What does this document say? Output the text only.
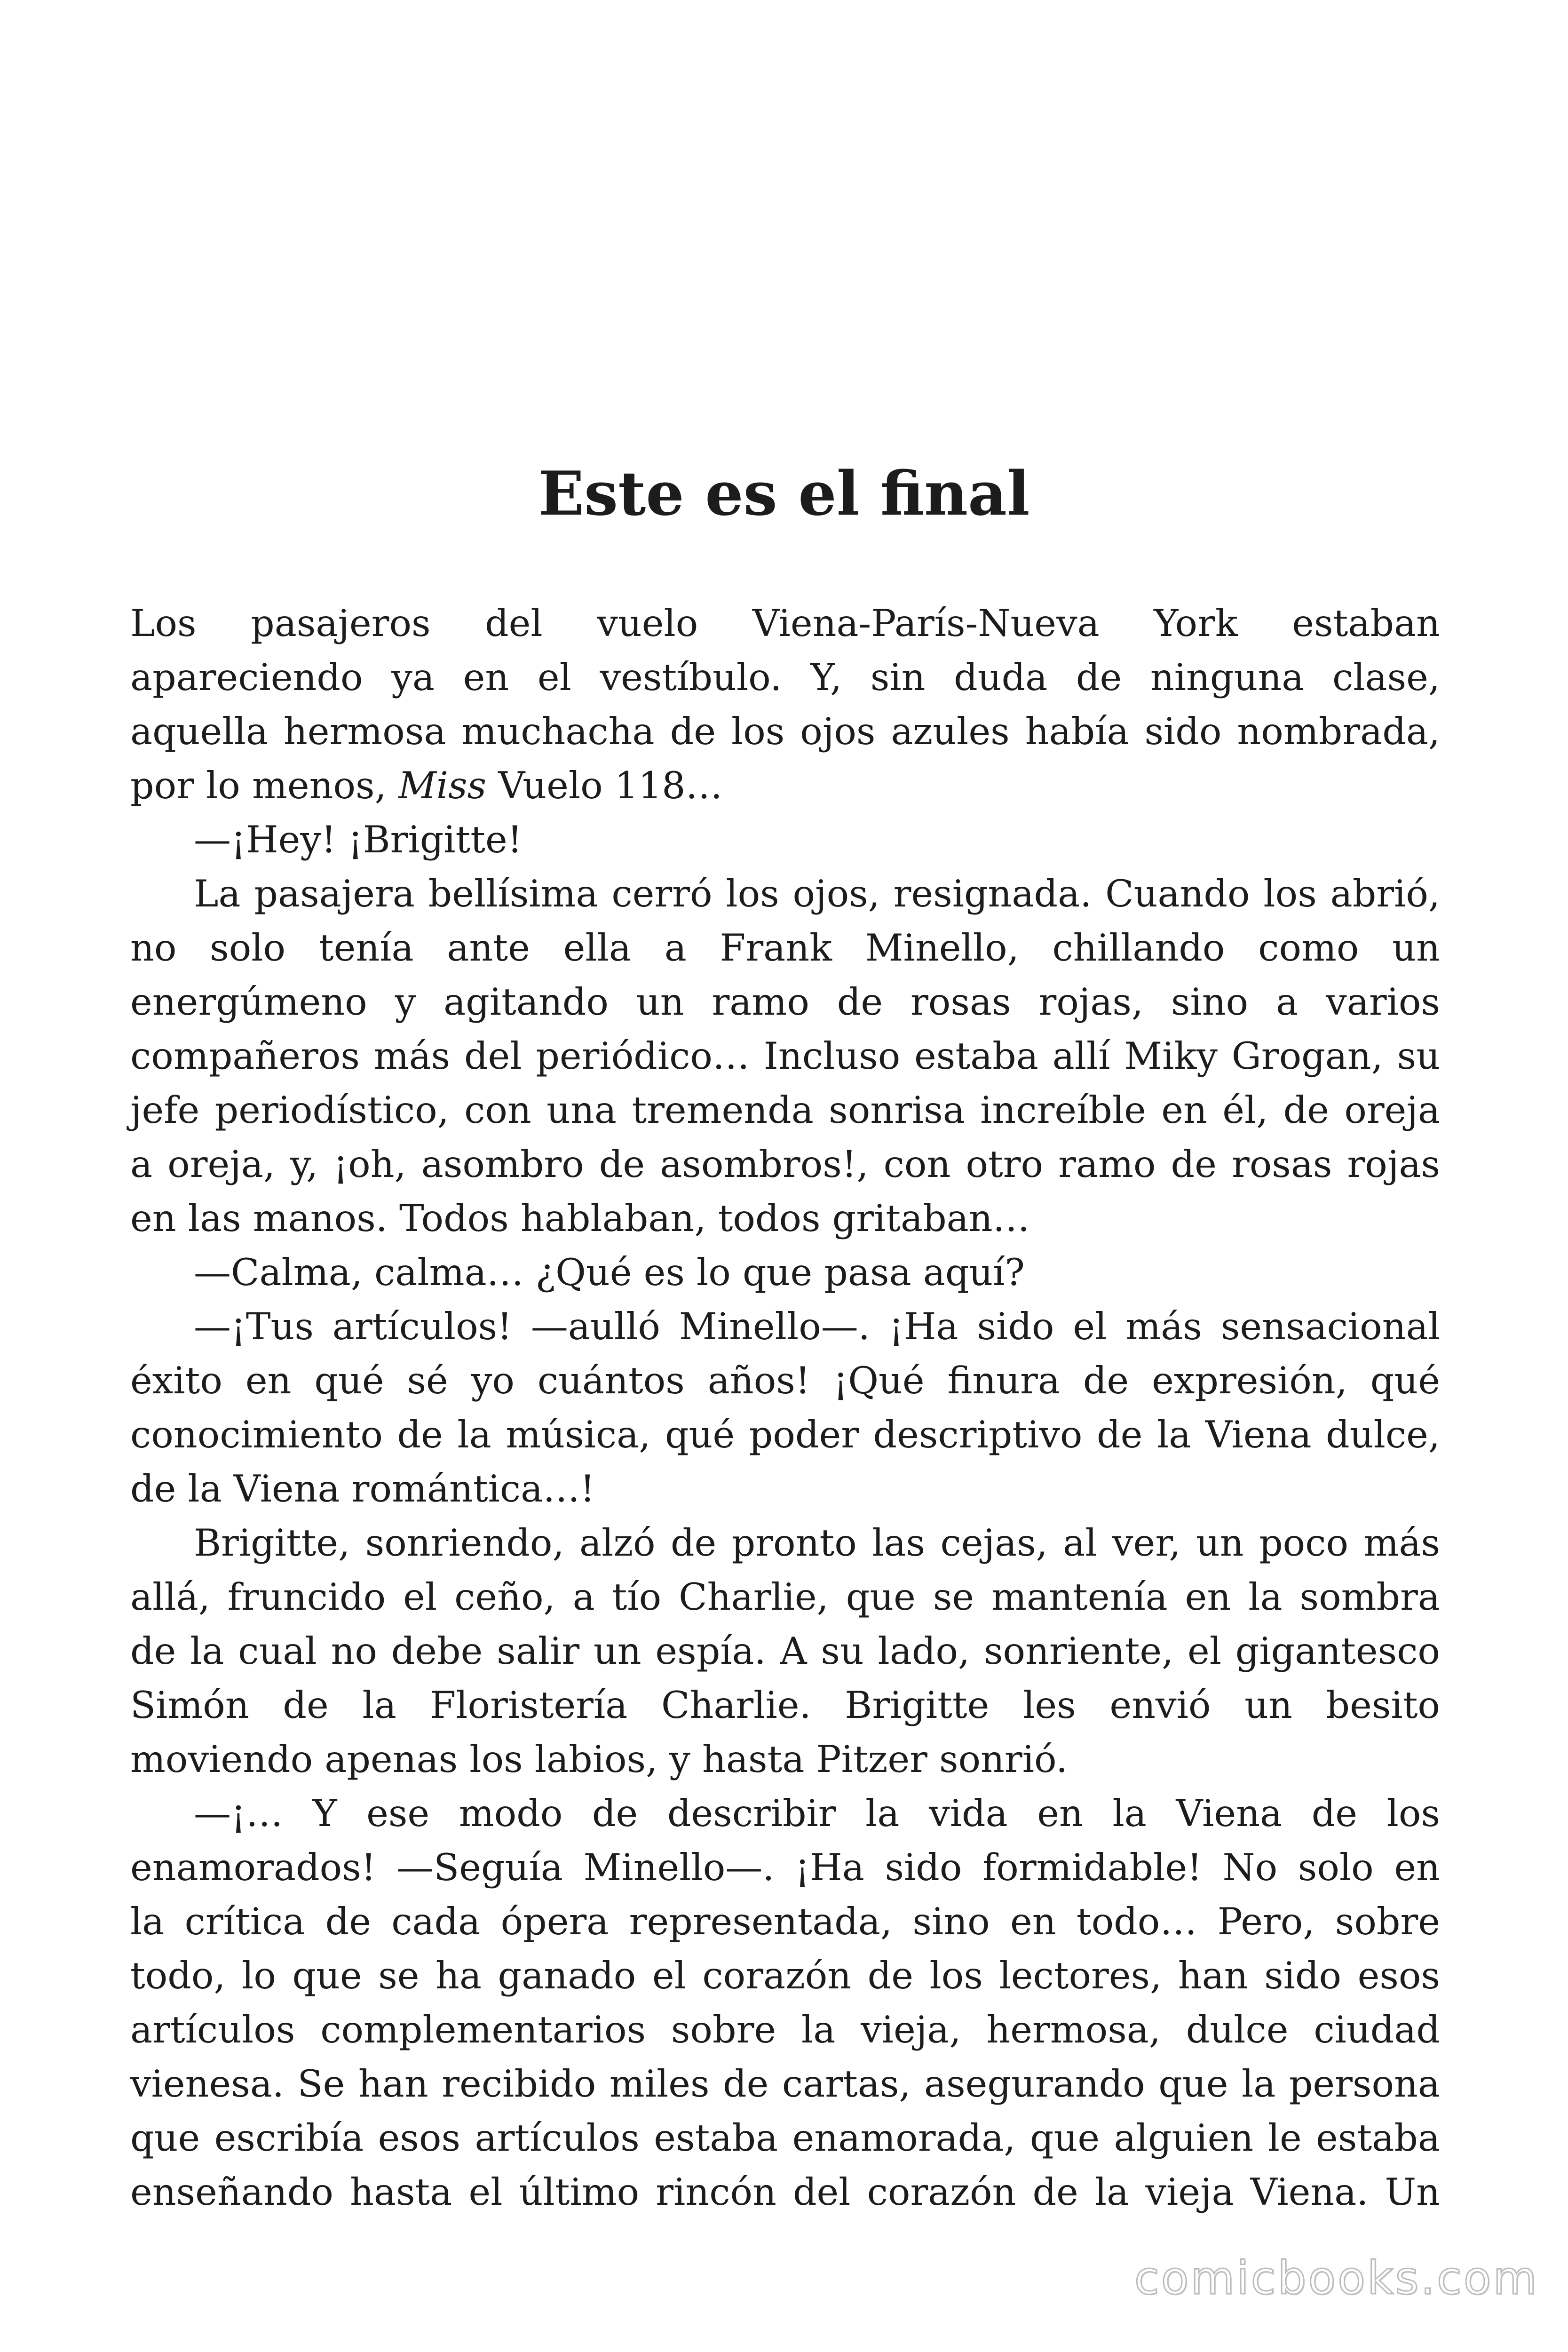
Este es el final
Los pasajeros del vuelo Viena-París-Nueva York estaban
apareciendo ya en el vestíbulo. Y, sin duda de ninguna clase,
aquella hermosa muchacha de los ojos azules había sido nombrada,
por lo menos, Miss Vuelo 118…
—¡Hey! ¡Brigitte!
La pasajera bellísima cerró los ojos, resignada. Cuando los abrió,
no solo tenía ante ella a Frank Minello, chillando como un
energúmeno y agitando un ramo de rosas rojas, sino a varios
compañeros más del periódico… Incluso estaba allí Miky Grogan, su
jefe periodístico, con una tremenda sonrisa increíble en él, de oreja
a oreja, y, ¡oh, asombro de asombros!, con otro ramo de rosas rojas
en las manos. Todos hablaban, todos gritaban…
—Calma, calma… ¿Qué es lo que pasa aquí?
—¡Tus artículos! —aulló Minello—. ¡Ha sido el más sensacional
éxito en qué sé yo cuántos años! ¡Qué finura de expresión, qué
conocimiento de la música, qué poder descriptivo de la Viena dulce,
de la Viena romántica…!
Brigitte, sonriendo, alzó de pronto las cejas, al ver, un poco más
allá, fruncido el ceño, a tío Charlie, que se mantenía en la sombra
de la cual no debe salir un espía. A su lado, sonriente, el gigantesco
Simón de la Floristería Charlie. Brigitte les envió un besito
moviendo apenas los labios, y hasta Pitzer sonrió.
—¡… Y ese modo de describir la vida en la Viena de los
enamorados! —Seguía Minello—. ¡Ha sido formidable! No solo en
la crítica de cada ópera representada, sino en todo… Pero, sobre
todo, lo que se ha ganado el corazón de los lectores, han sido esos
artículos complementarios sobre la vieja, hermosa, dulce ciudad
vienesa. Se han recibido miles de cartas, asegurando que la persona
que escribía esos artículos estaba enamorada, que alguien le estaba
enseñando hasta el último rincón del corazón de la vieja Viena. Un
comicbooks.com
